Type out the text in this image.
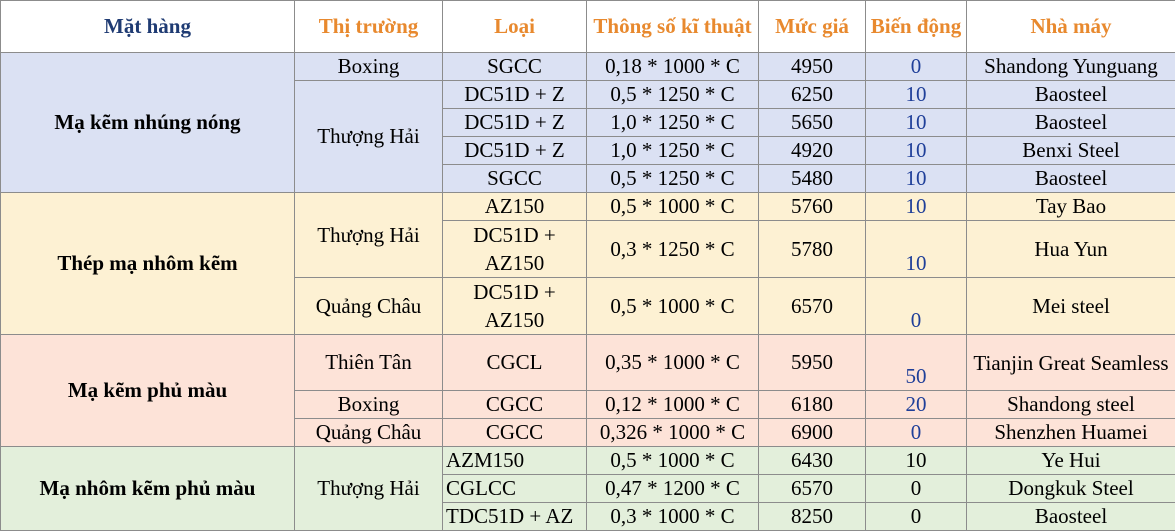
Mặt hàng	Thị trường	Loại	Thông số kĩ thuật	Mức giá	Biến động	Nhà máy
Mạ kẽm nhúng nóng	Boxing	SGCC	0,18 * 1000 * C	4950	0	Shandong Yunguang
	Thượng Hải	DC51D + Z	0,5 * 1250 * C	6250	10	Baosteel
		DC51D + Z	1,0 * 1250 * C	5650	10	Baosteel
		DC51D + Z	1,0 * 1250 * C	4920	10	Benxi Steel
		SGCC	0,5 * 1250 * C	5480	10	Baosteel
Thép mạ nhôm kẽm	Thượng Hải	AZ150	0,5 * 1000 * C	5760	10	Tay Bao
		DC51D + AZ150	0,3 * 1250 * C	5780	10	Hua Yun
	Quảng Châu	DC51D + AZ150	0,5 * 1000 * C	6570	0	Mei steel
Mạ kẽm phủ màu	Thiên Tân	CGCL	0,35 * 1000 * C	5950	50	Tianjin Great Seamless
	Boxing	CGCC	0,12 * 1000 * C	6180	20	Shandong steel
	Quảng Châu	CGCC	0,326 * 1000 * C	6900	0	Shenzhen Huamei
Mạ nhôm kẽm phủ màu	Thượng Hải	AZM150	0,5 * 1000 * C	6430	10	Ye Hui
		CGLCC	0,47 * 1200 * C	6570	0	Dongkuk Steel
		TDC51D + AZ	0,3 * 1000 * C	8250	0	Baosteel
